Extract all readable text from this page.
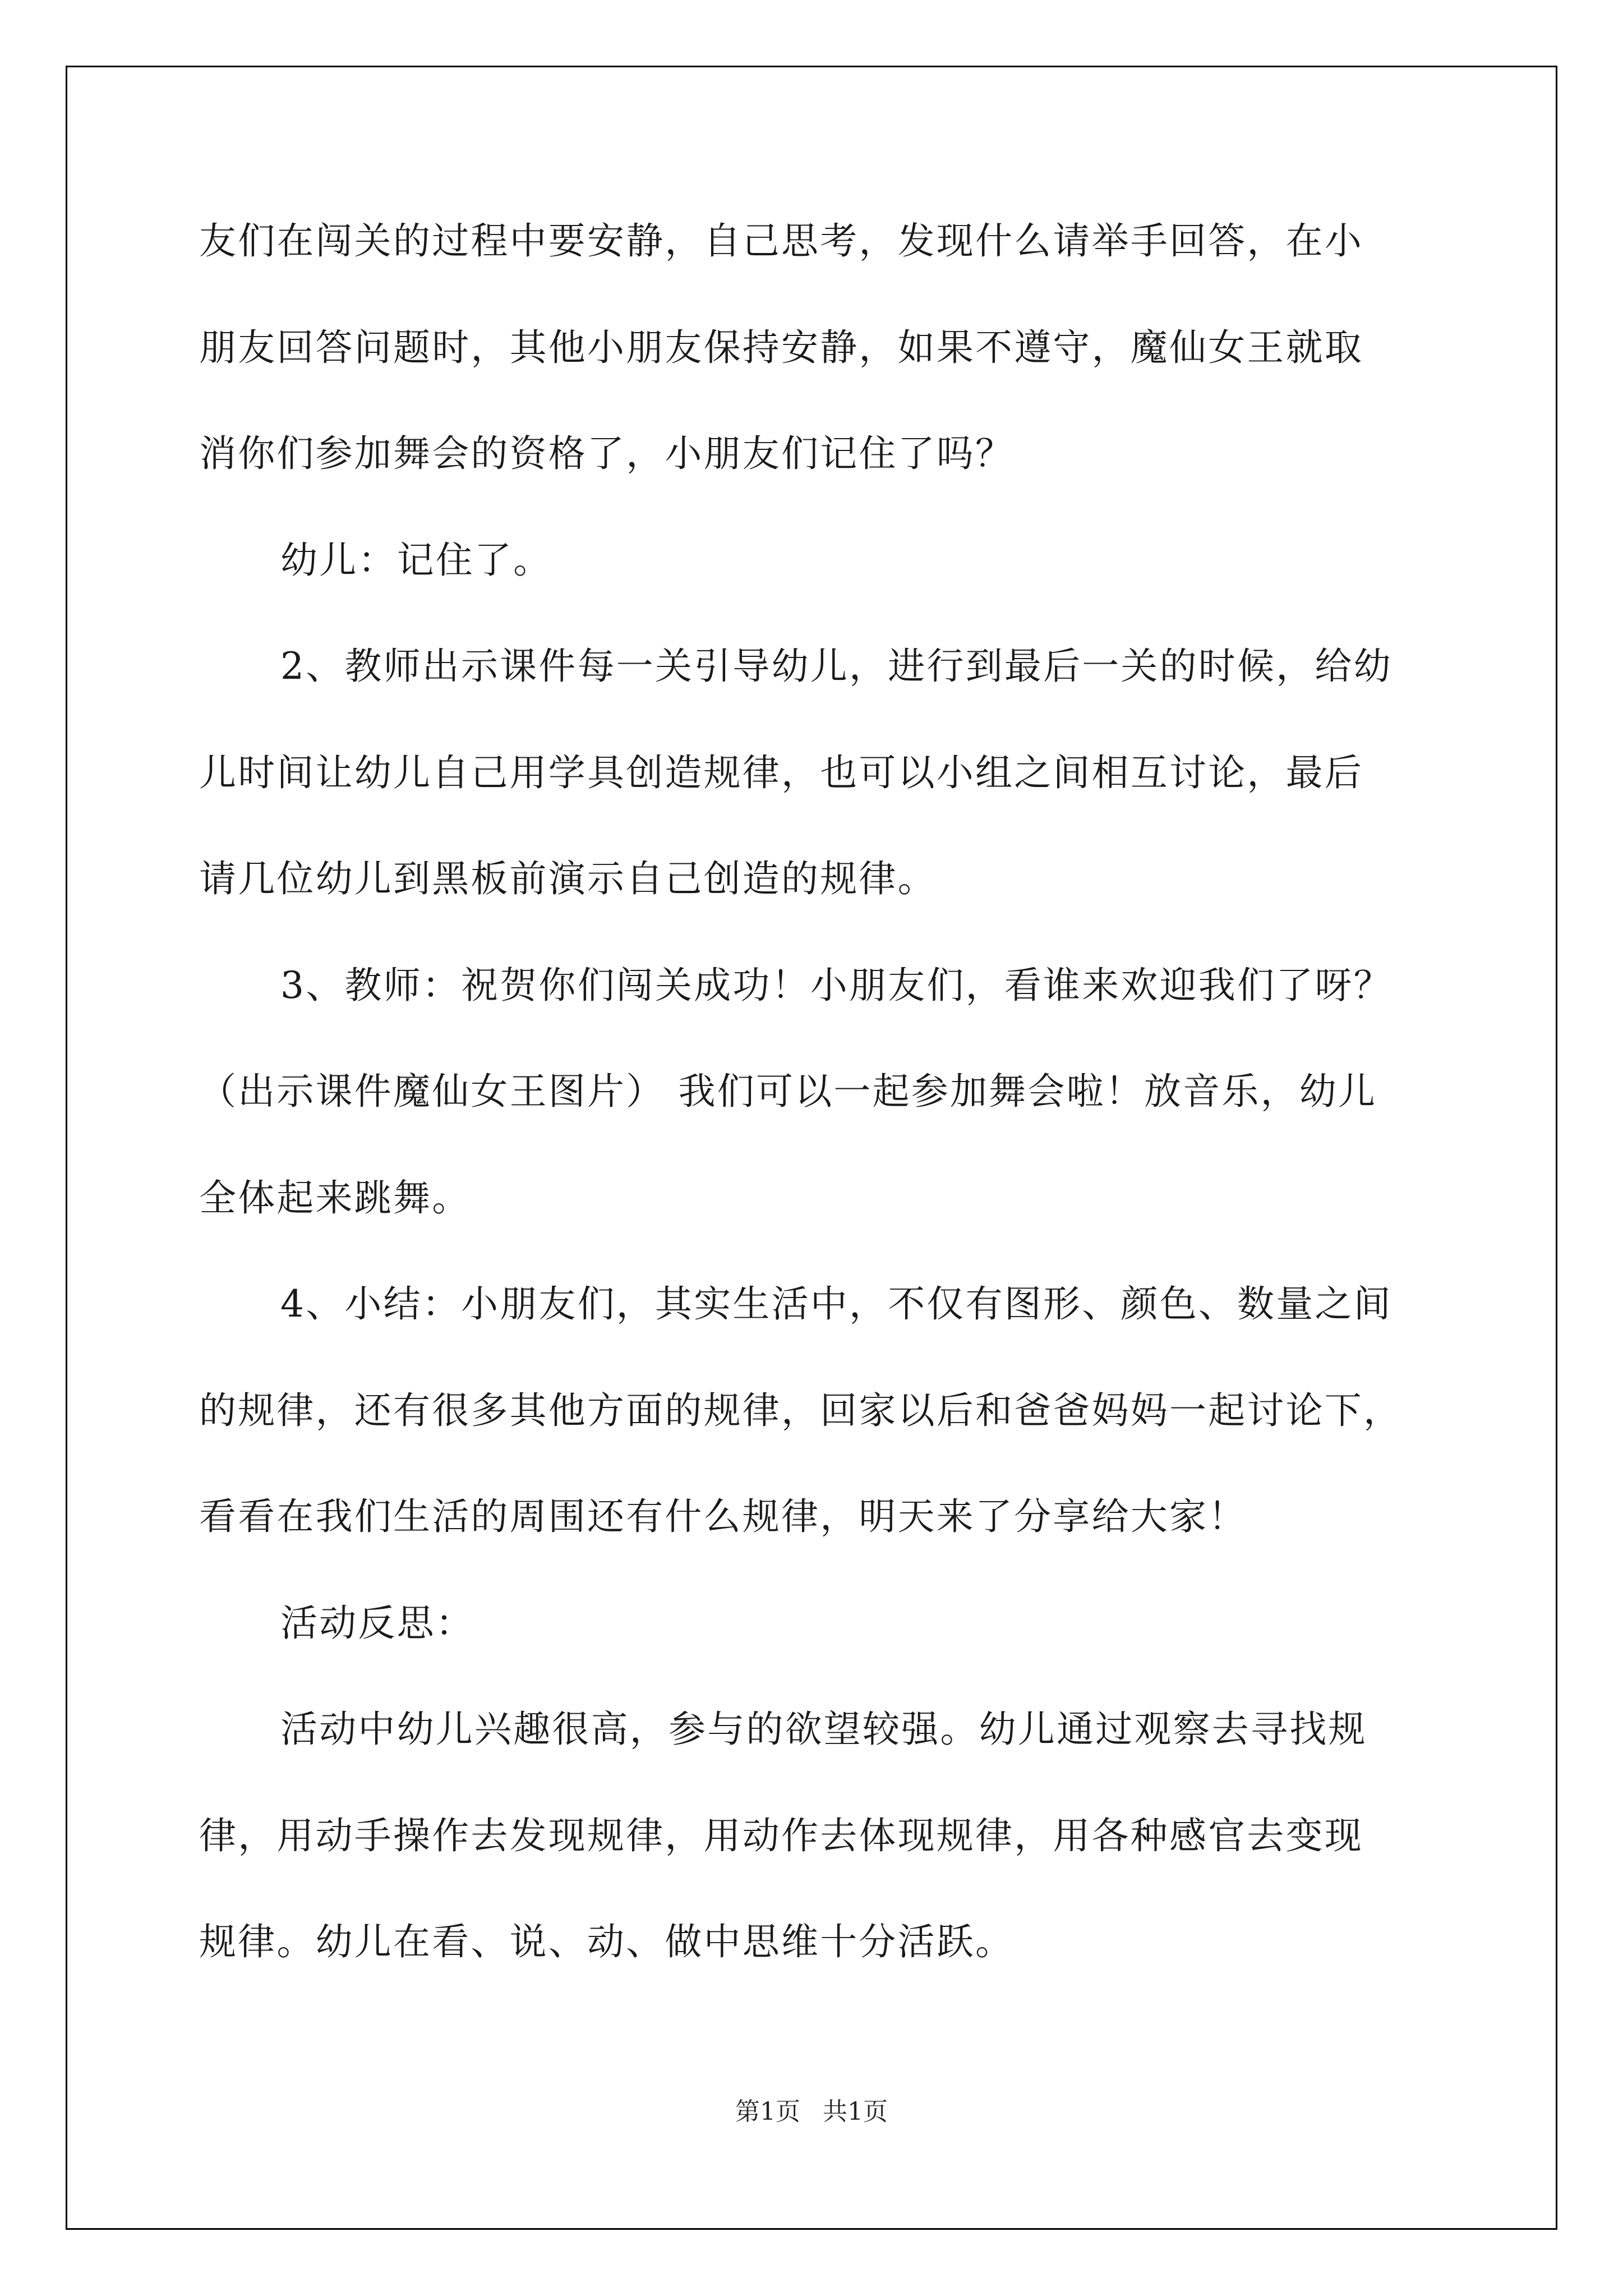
友们在闯关的过程中要安静，自己思考，发现什么请举手回答，在小
朋友回答问题时，其他小朋友保持安静，如果不遵守，魔仙女王就取
消你们参加舞会的资格了，小朋友们记住了吗？
幼儿：记住了。
2、教师出示课件每一关引导幼儿，进行到最后一关的时候，给幼
儿时间让幼儿自己用学具创造规律，也可以小组之间相互讨论，最后
请几位幼儿到黑板前演示自己创造的规律。
3、教师：祝贺你们闯关成功！小朋友们，看谁来欢迎我们了呀？
（出示课件魔仙女王图片） 我们可以一起参加舞会啦！放音乐，幼儿
全体起来跳舞。
4、小结：小朋友们，其实生活中，不仅有图形、颜色、数量之间
的规律，还有很多其他方面的规律，回家以后和爸爸妈妈一起讨论下，
看看在我们生活的周围还有什么规律，明天来了分享给大家！
活动反思：
活动中幼儿兴趣很高，参与的欲望较强。幼儿通过观察去寻找规
律，用动手操作去发现规律，用动作去体现规律，用各种感官去变现
规律。幼儿在看、说、动、做中思维十分活跃。
第1页 共1页
